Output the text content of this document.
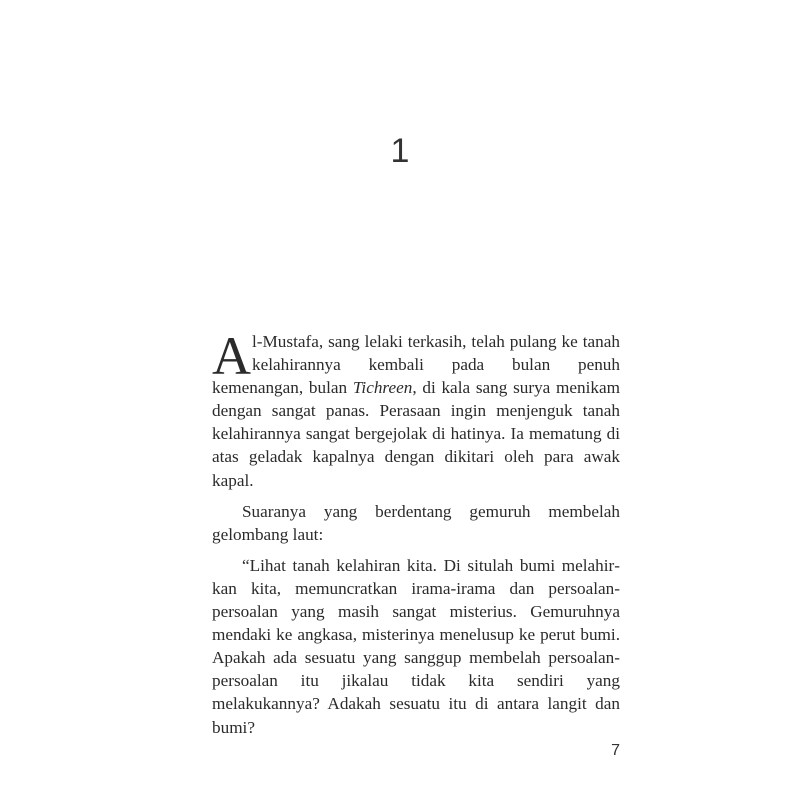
1

Al-Mustafa, sang lelaki terkasih, telah pulang ke tanah kelahirannya kembali pada bulan penuh kemenangan, bulan Tichreen, di kala sang surya menikam dengan sangat panas. Perasaan ingin menjenguk tanah kelahirannya sangat bergejolak di hatinya. Ia mematung di atas geladak kapalnya dengan dikitari oleh para awak kapal.

Suaranya yang berdentang gemuruh membelah gelombang laut:

“Lihat tanah kelahiran kita. Di situlah bumi melahirkan kita, memuncratkan irama-irama dan persoalan-persoalan yang masih sangat misterius. Gemuruhnya mendaki ke angkasa, misterinya menelusup ke perut bumi. Apakah ada sesuatu yang sanggup membelah persoalan-persoalan itu jikalau tidak kita sendiri yang melakukannya? Adakah sesuatu itu di antara langit dan bumi?

7
